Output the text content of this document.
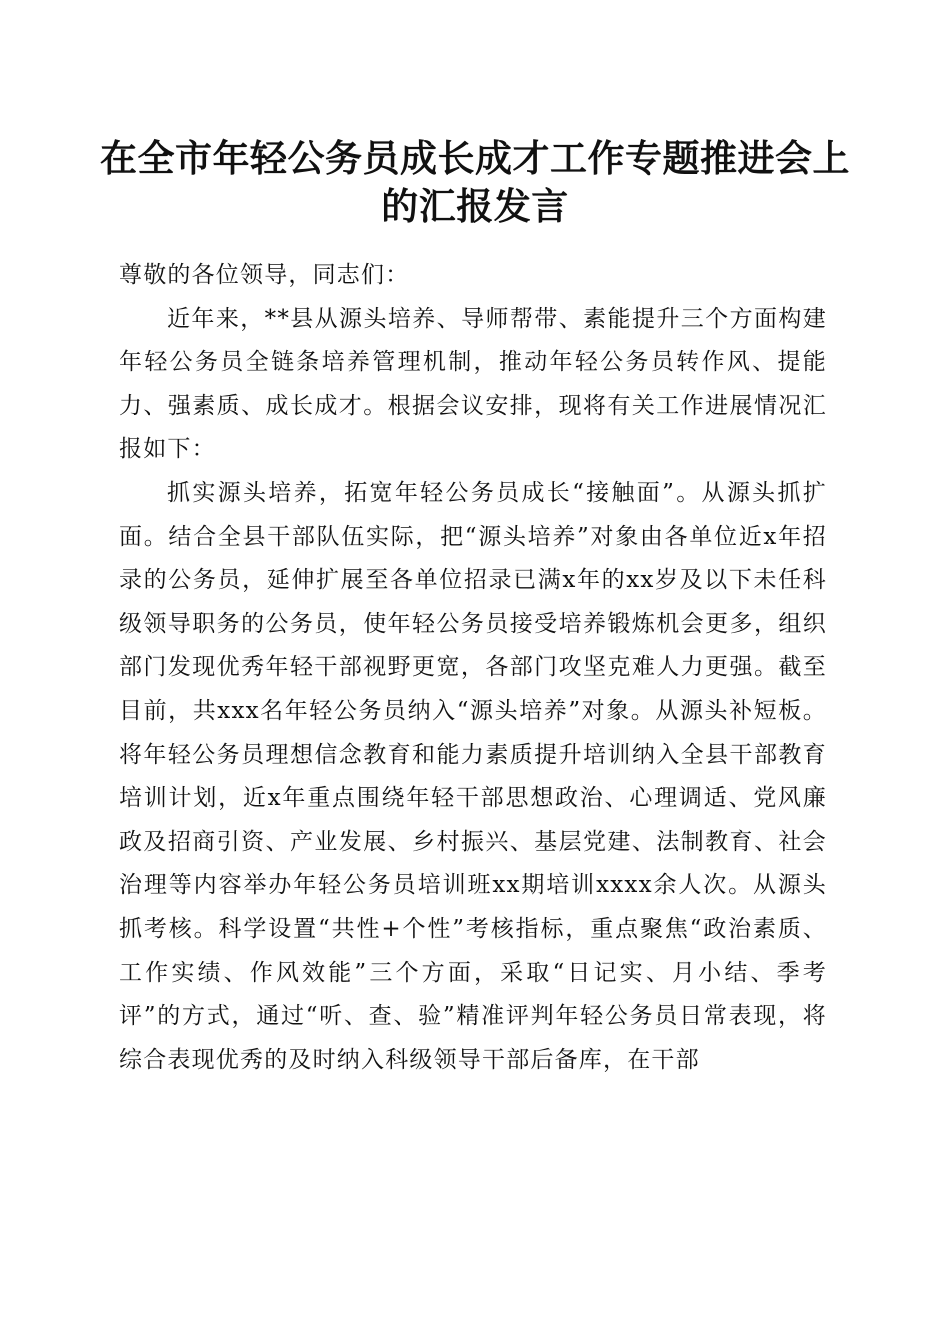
在全市年轻公务员成长成才工作专题推进会上
的汇报发言

尊敬的各位领导，同志们：

近年来，**县从源头培养、导师帮带、素能提升三个方面构建年轻公务员全链条培养管理机制，推动年轻公务员转作风、提能力、强素质、成长成才。根据会议安排，现将有关工作进展情况汇报如下：

抓实源头培养，拓宽年轻公务员成长“接触面”。从源头抓扩面。结合全县干部队伍实际，把“源头培养”对象由各单位近x年招录的公务员，延伸扩展至各单位招录已满x年的xx岁及以下未任科级领导职务的公务员，使年轻公务员接受培养锻炼机会更多，组织部门发现优秀年轻干部视野更宽，各部门攻坚克难人力更强。截至目前，共xxx名年轻公务员纳入“源头培养”对象。从源头补短板。将年轻公务员理想信念教育和能力素质提升培训纳入全县干部教育培训计划，近x年重点围绕年轻干部思想政治、心理调适、党风廉政及招商引资、产业发展、乡村振兴、基层党建、法制教育、社会治理等内容举办年轻公务员培训班xx期培训xxxx余人次。从源头抓考核。科学设置“共性+个性”考核指标，重点聚焦“政治素质、工作实绩、作风效能”三个方面，采取“日记实、月小结、季考评”的方式，通过“听、查、验”精准评判年轻公务员日常表现，将综合表现优秀的及时纳入科级领导干部后备库，在干部
